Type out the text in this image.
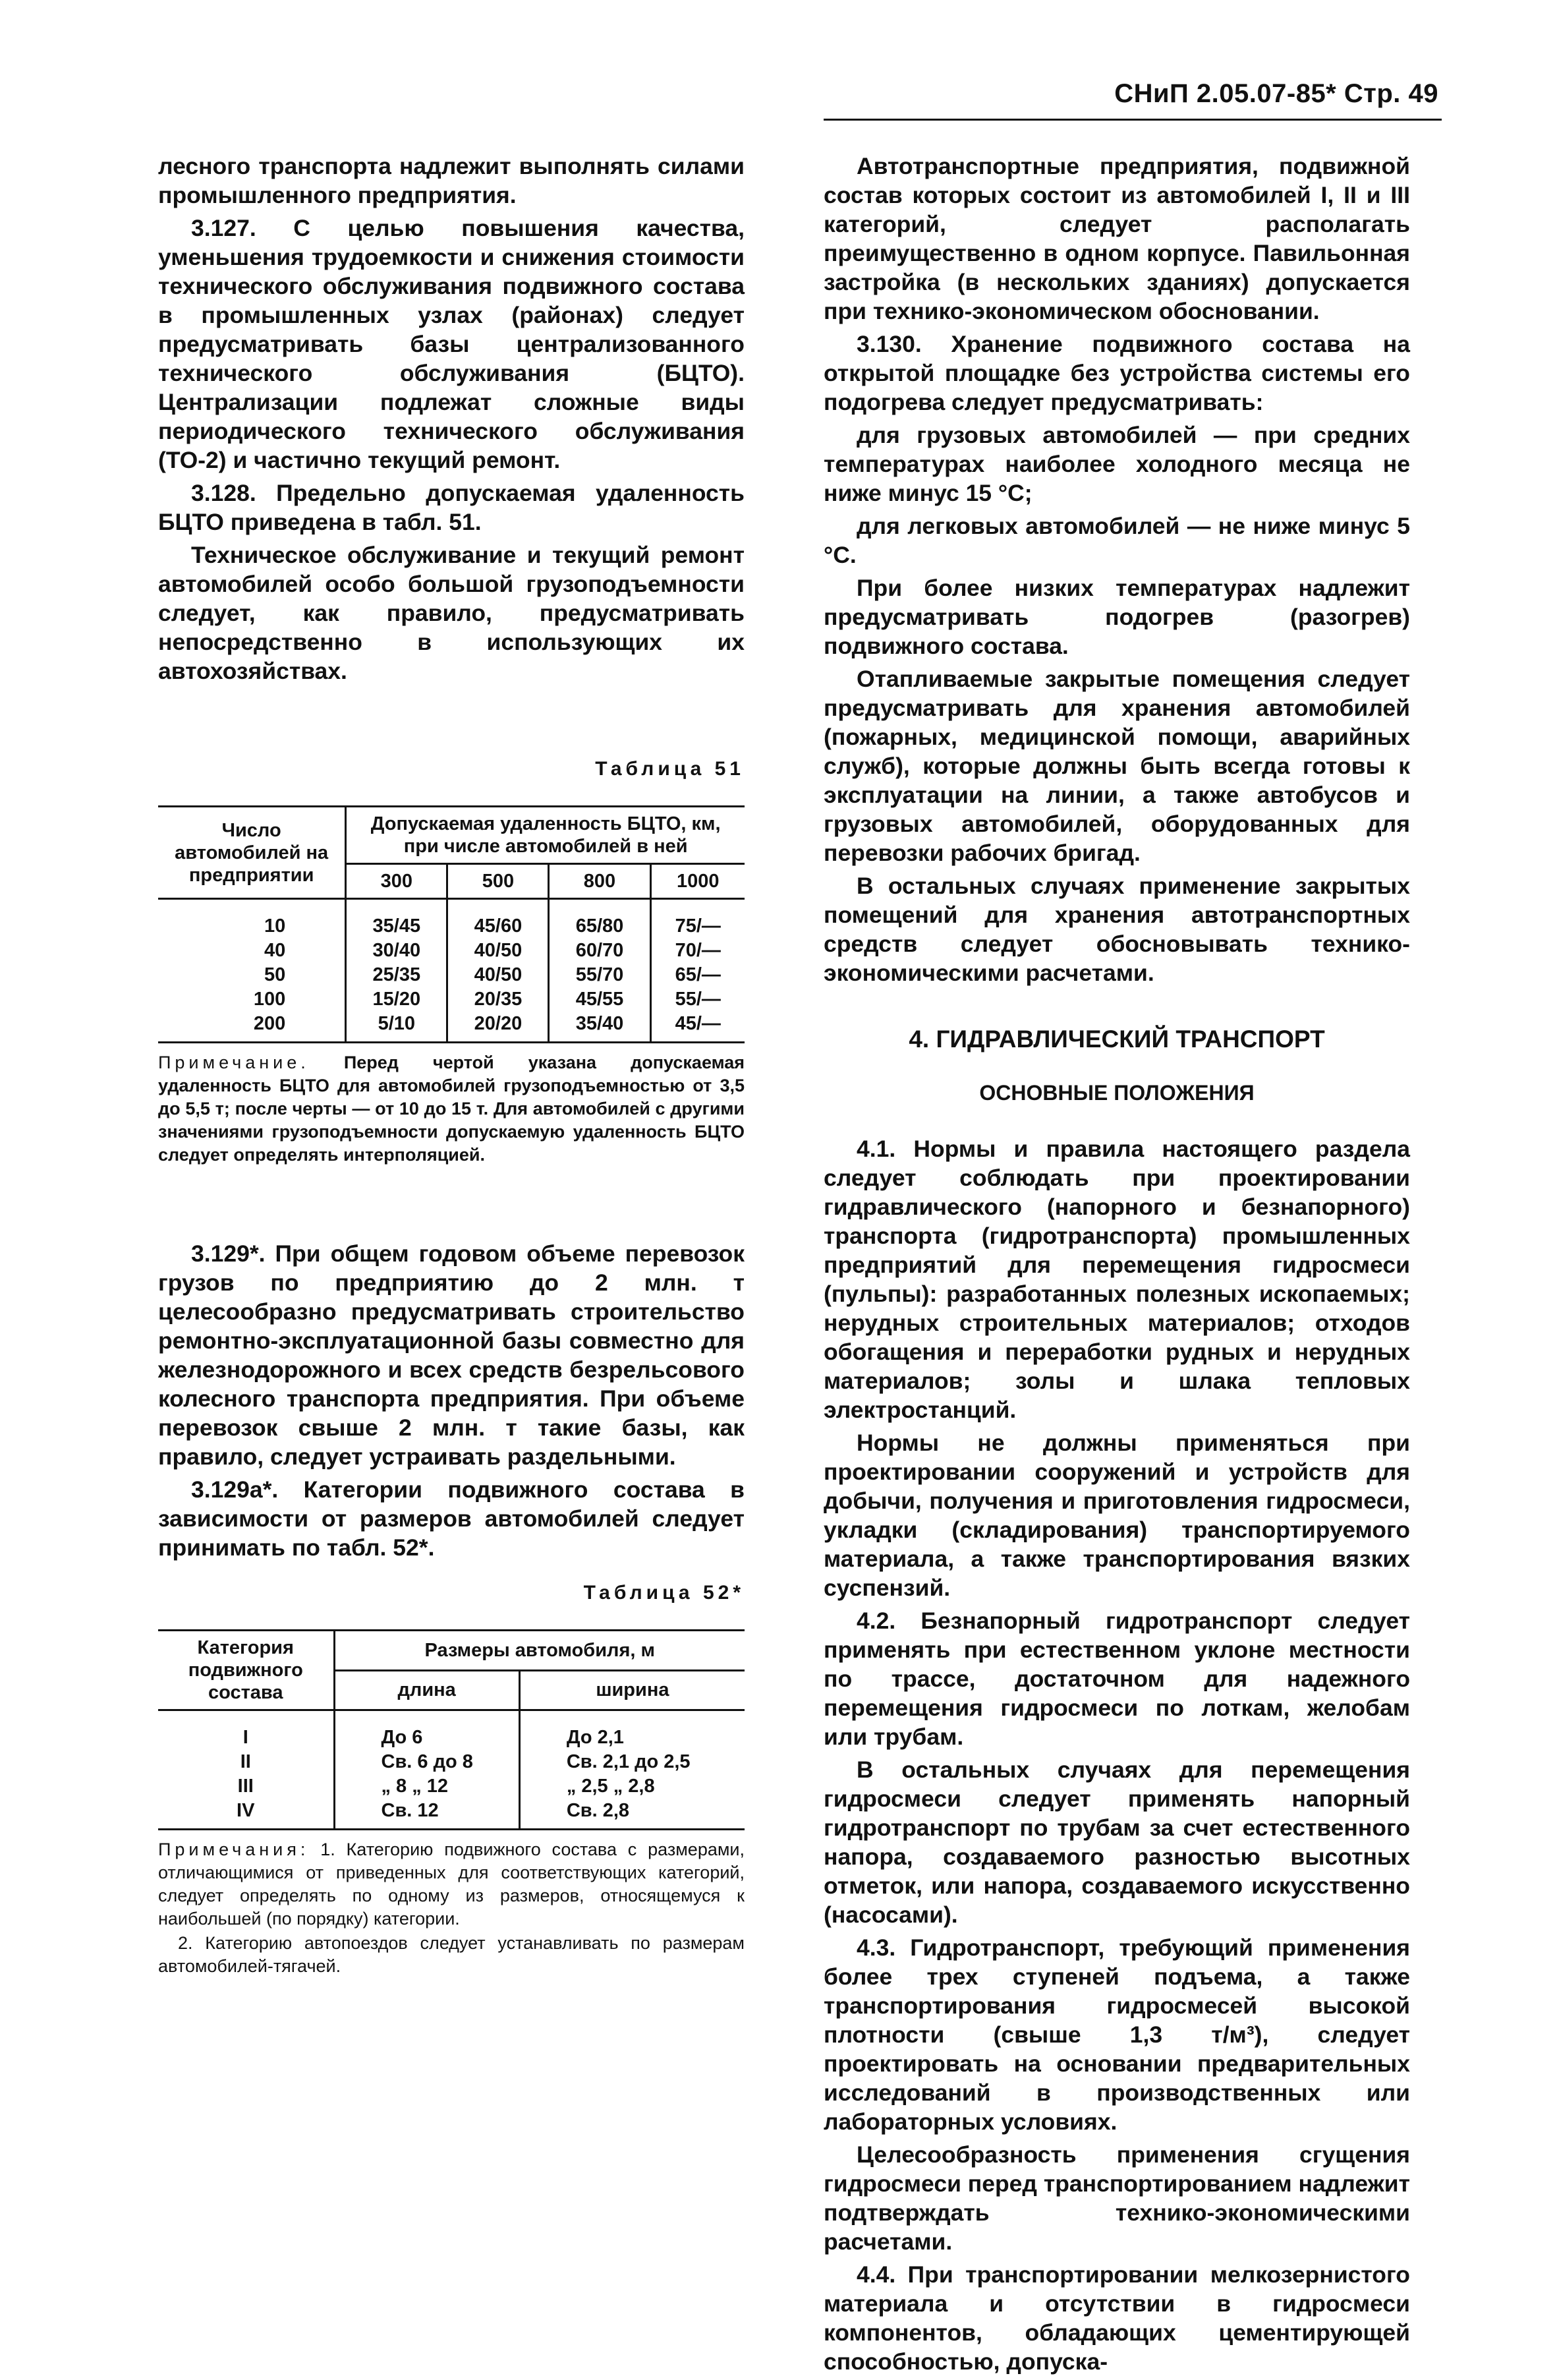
СНиП 2.05.07-85* Стр. 49

лесного транспорта надлежит выполнять силами промышленного предприятия.

3.127. С целью повышения качества, уменьшения трудоемкости и снижения стоимости технического обслуживания подвижного состава в промышленных узлах (районах) следует предусматривать базы централизованного технического обслуживания (БЦТО). Централизации подлежат сложные виды периодического технического обслуживания (ТО-2) и частично текущий ремонт.

3.128. Предельно допускаемая удаленность БЦТО приведена в табл. 51.

Техническое обслуживание и текущий ремонт автомобилей особо большой грузоподъемности следует, как правило, предусматривать непосредственно в использующих их автохозяйствах.

Таблица 51
Число автомобилей на предприятии	Допускаемая удаленность БЦТО, км, при числе автомобилей в ней			
	300	500	800	1000
10	35/45	45/60	65/80	75/—
40	30/40	40/50	60/70	70/—
50	25/35	40/50	55/70	65/—
100	15/20	20/35	45/55	55/—
200	5/10	20/20	35/40	45/—
Примечание. Перед чертой указана допускаемая удаленность БЦТО для автомобилей грузоподъемностью от 3,5 до 5,5 т; после черты — от 10 до 15 т. Для автомобилей с другими значениями грузоподъемности допускаемую удаленность БЦТО следует определять интерполяцией.

3.129*. При общем годовом объеме перевозок грузов по предприятию до 2 млн. т целесообразно предусматривать строительство ремонтно-эксплуатационной базы совместно для железнодорожного и всех средств безрельсового колесного транспорта предприятия. При объеме перевозок свыше 2 млн. т такие базы, как правило, следует устраивать раздельными.

3.129а*. Категории подвижного состава в зависимости от размеров автомобилей следует принимать по табл. 52*.

Таблица 52*
Категория подвижного состава	Размеры автомобиля, м	
	длина	ширина
I	До 6	До 2,1
II	Св. 6 до 8	Св. 2,1 до 2,5
III	„ 8 „ 12	„ 2,5 „ 2,8
IV	Св. 12	Св. 2,8
Примечания: 1. Категорию подвижного состава с размерами, отличающимися от приведенных для соответствующих категорий, следует определять по одному из размеров, относящемуся к наибольшей (по порядку) категории.
2. Категорию автопоездов следует устанавливать по размерам автомобилей-тягачей.

Автотранспортные предприятия, подвижной состав которых состоит из автомобилей I, II и III категорий, следует располагать преимущественно в одном корпусе. Павильонная застройка (в нескольких зданиях) допускается при технико-экономическом обосновании.

3.130. Хранение подвижного состава на открытой площадке без устройства системы его подогрева следует предусматривать:

для грузовых автомобилей — при средних температурах наиболее холодного месяца не ниже минус 15 °С;

для легковых автомобилей — не ниже минус 5 °С.

При более низких температурах надлежит предусматривать подогрев (разогрев) подвижного состава.

Отапливаемые закрытые помещения следует предусматривать для хранения автомобилей (пожарных, медицинской помощи, аварийных служб), которые должны быть всегда готовы к эксплуатации на линии, а также автобусов и грузовых автомобилей, оборудованных для перевозки рабочих бригад.

В остальных случаях применение закрытых помещений для хранения автотранспортных средств следует обосновывать технико-экономическими расчетами.

4. ГИДРАВЛИЧЕСКИЙ ТРАНСПОРТ
ОСНОВНЫЕ ПОЛОЖЕНИЯ

4.1. Нормы и правила настоящего раздела следует соблюдать при проектировании гидравлического (напорного и безнапорного) транспорта (гидротранспорта) промышленных предприятий для перемещения гидросмеси (пульпы): разработанных полезных ископаемых; нерудных строительных материалов; отходов обогащения и переработки рудных и нерудных материалов; золы и шлака тепловых электростанций.

Нормы не должны применяться при проектировании сооружений и устройств для добычи, получения и приготовления гидросмеси, укладки (складирования) транспортируемого материала, а также транспортирования вязких суспензий.

4.2. Безнапорный гидротранспорт следует применять при естественном уклоне местности по трассе, достаточном для надежного перемещения гидросмеси по лоткам, желобам или трубам.

В остальных случаях для перемещения гидросмеси следует применять напорный гидротранспорт по трубам за счет естественного напора, создаваемого разностью высотных отметок, или напора, создаваемого искусственно (насосами).

4.3. Гидротранспорт, требующий применения более трех ступеней подъема, а также транспортирования гидросмесей высокой плотности (свыше 1,3 т/м³), следует проектировать на основании предварительных исследований в производственных или лабораторных условиях.

Целесообразность применения сгущения гидросмеси перед транспортированием надлежит подтверждать технико-экономическими расчетами.

4.4. При транспортировании мелкозернистого материала и отсутствии в гидросмеси компонентов, обладающих цементирующей способностью, допуска-
